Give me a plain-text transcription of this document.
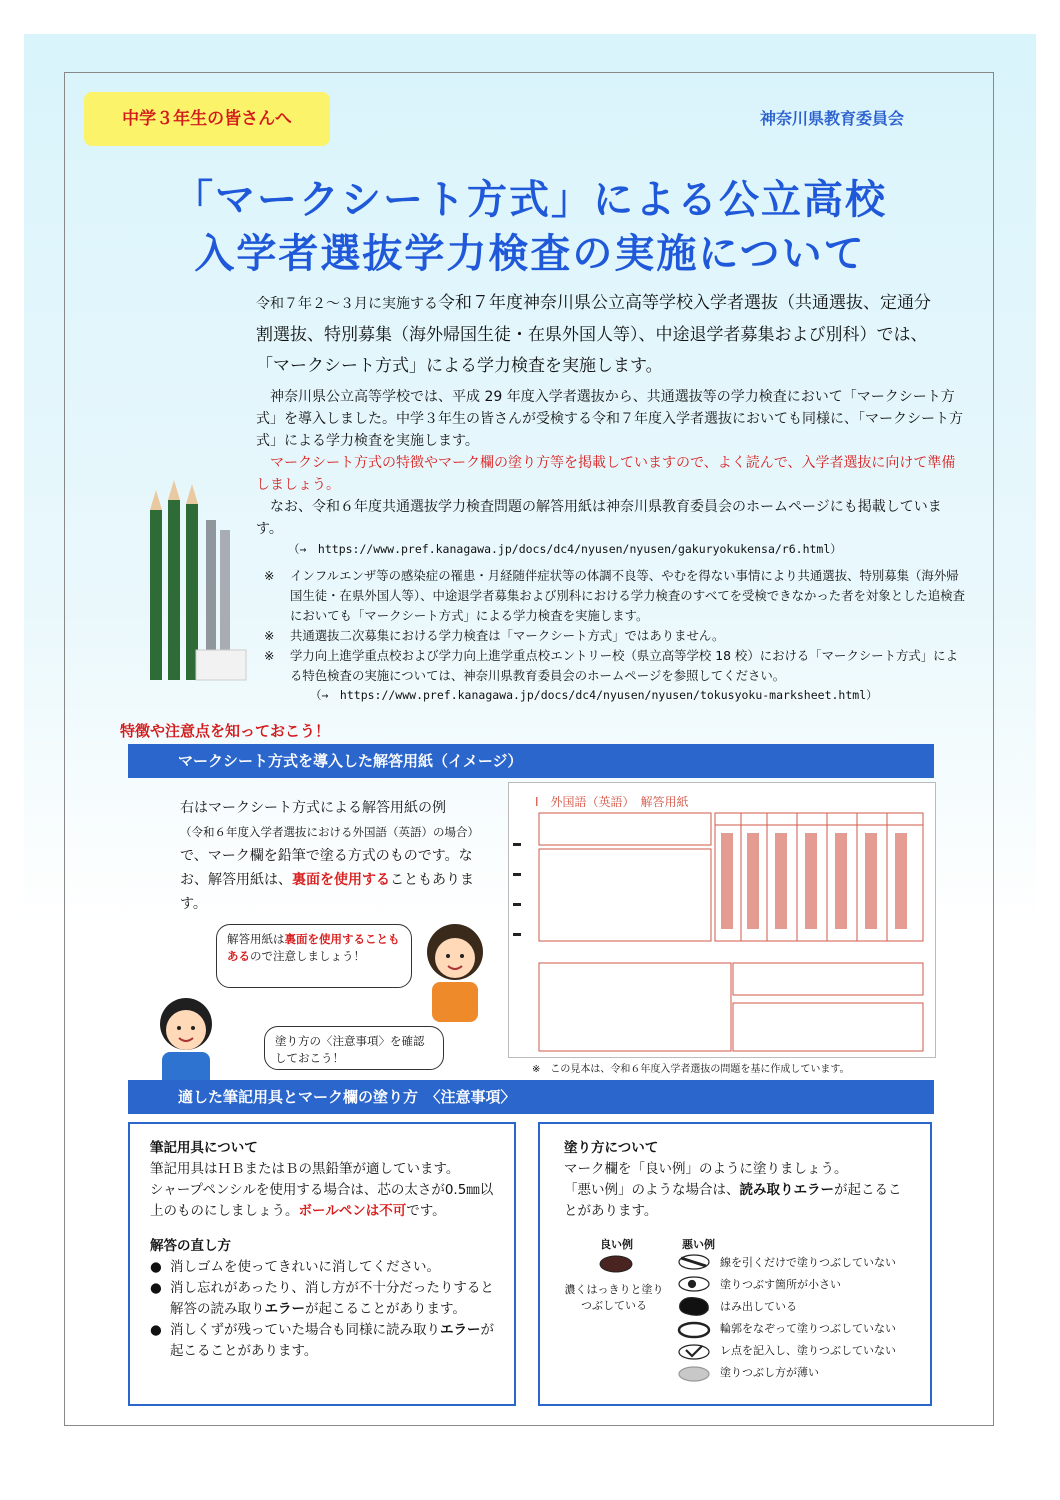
中学３年生の皆さんへ	神奈川県教育委員会
「マークシート方式」による公立高校
入学者選抜学力検査の実施について
令和７年２～３月に実施する令和７年度神奈川県公立高等学校入学者選抜（共通選抜、定通分割選抜、特別募集（海外帰国生徒・在県外国人等）、中途退学者募集および別科）では、「マークシート方式」による学力検査を実施します。
神奈川県公立高等学校では、平成 29 年度入学者選抜から、共通選抜等の学力検査において「マークシート方式」を導入しました。中学３年生の皆さんが受検する令和７年度入学者選抜においても同様に、「マークシート方式」による学力検査を実施します。
マークシート方式の特徴やマーク欄の塗り方等を掲載していますので、よく読んで、入学者選抜に向けて準備しましょう。
なお、令和６年度共通選抜学力検査問題の解答用紙は神奈川県教育委員会のホームページにも掲載しています。
（→　https://www.pref.kanagawa.jp/docs/dc4/nyusen/nyusen/gakuryokukensa/r6.html）
※	インフルエンザ等の感染症の罹患・月経随伴症状等の体調不良等、やむを得ない事情により共通選抜、特別募集（海外帰国生徒・在県外国人等）、中途退学者募集および別科における学力検査のすべてを受検できなかった者を対象とした追検査においても「マークシート方式」による学力検査を実施します。
※	共通選抜二次募集における学力検査は「マークシート方式」ではありません。
※	学力向上進学重点校および学力向上進学重点校エントリー校（県立高等学校 18 校）における「マークシート方式」による特色検査の実施については、神奈川県教育委員会のホームページを参照してください。
（→　https://www.pref.kanagawa.jp/docs/dc4/nyusen/nyusen/tokusyoku-marksheet.html）
特徴や注意点を知っておこう！
マークシート方式を導入した解答用紙（イメージ）
右はマークシート方式による解答用紙の例
（令和６年度入学者選抜における外国語（英語）の場合）
で、マーク欄を鉛筆で塗る方式のものです。なお、解答用紙は、裏面を使用することもあります。
解答用紙は裏面を使用することもあるので注意しましょう！
塗り方の〈注意事項〉を確認しておこう！
Ⅰ　外国語（英語）　解答用紙
※　この見本は、令和６年度入学者選抜の問題を基に作成しています。
適した筆記用具とマーク欄の塗り方　〈注意事項〉
筆記用具について
筆記用具はＨＢまたはＢの黒鉛筆が適しています。
シャープペンシルを使用する場合は、芯の太さが0.5㎜以上のものにしましょう。ボールペンは不可です。
解答の直し方
● 消しゴムを使ってきれいに消してください。
● 消し忘れがあったり、消し方が不十分だったりすると解答の読み取りエラーが起こることがあります。
● 消しくずが残っていた場合も同様に読み取りエラーが起こることがあります。
塗り方について
マーク欄を「良い例」のように塗りましょう。
「悪い例」のような場合は、読み取りエラーが起こることがあります。
良い例
濃くはっきりと塗りつぶしている
悪い例
線を引くだけで塗りつぶしていない
塗りつぶす箇所が小さい
はみ出している
輪郭をなぞって塗りつぶしていない
レ点を記入し、塗りつぶしていない
塗りつぶし方が薄い
